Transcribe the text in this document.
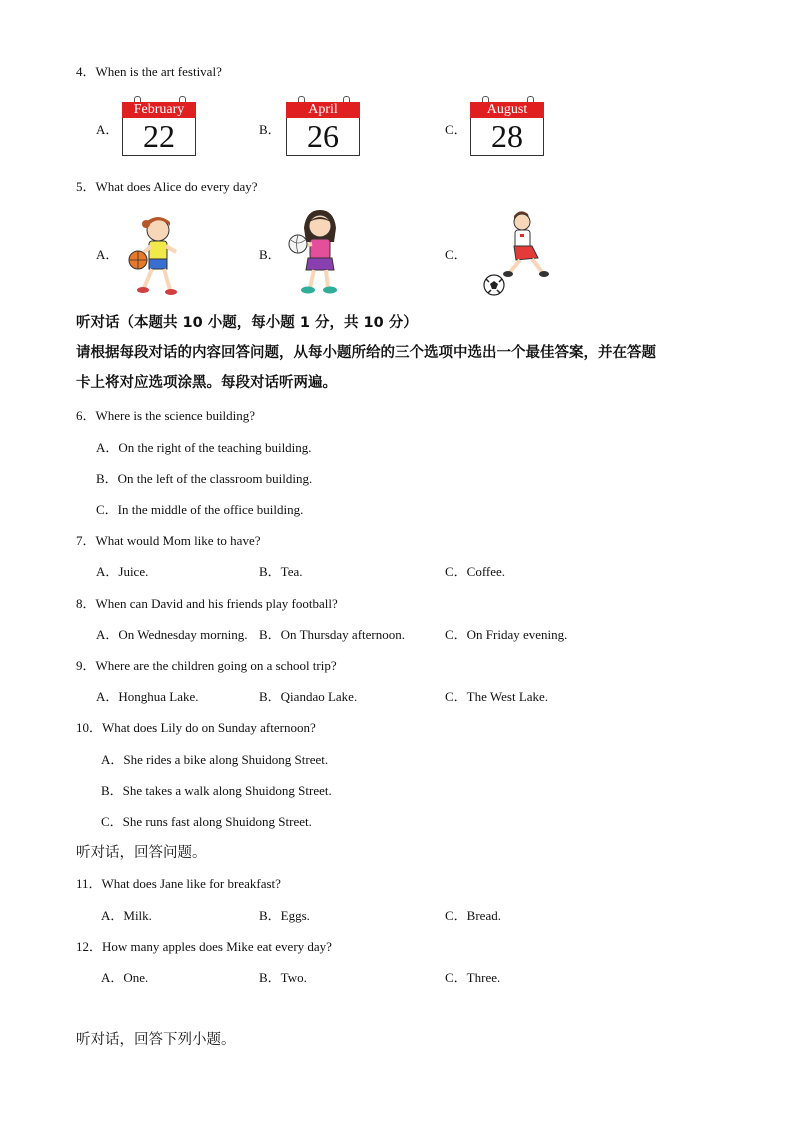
4．When is the art festival?
A．
February
22	B．
April
26	C．
August
28
5．What does Alice do every day?
A．	B．	C．
听对话（本题共 10 小题，每小题 1 分，共 10 分）
请根据每段对话的内容回答问题，从每小题所给的三个选项中选出一个最佳答案，并在答题
卡上将对应选项涂黑。每段对话听两遍。
6．Where is the science building?
A．On the right of the teaching building.
B．On the left of the classroom building.
C．In the middle of the office building.
7．What would Mom like to have?
A．Juice.	B．Tea.	C．Coffee.
8．When can David and his friends play football?
A．On Wednesday morning. B．On Thursday afternoon.	C．On Friday evening.
9．Where are the children going on a school trip?
A．Honghua Lake.	B．Qiandao Lake.	C．The West Lake.
10．What does Lily do on Sunday afternoon?
A．She rides a bike along Shuidong Street.
B．She takes a walk along Shuidong Street.
C．She runs fast along Shuidong Street.
听对话，回答问题。
11．What does Jane like for breakfast?
A．Milk.	B．Eggs.	C．Bread.
12．How many apples does Mike eat every day?
A．One.	B．Two.	C．Three.
听对话，回答下列小题。
